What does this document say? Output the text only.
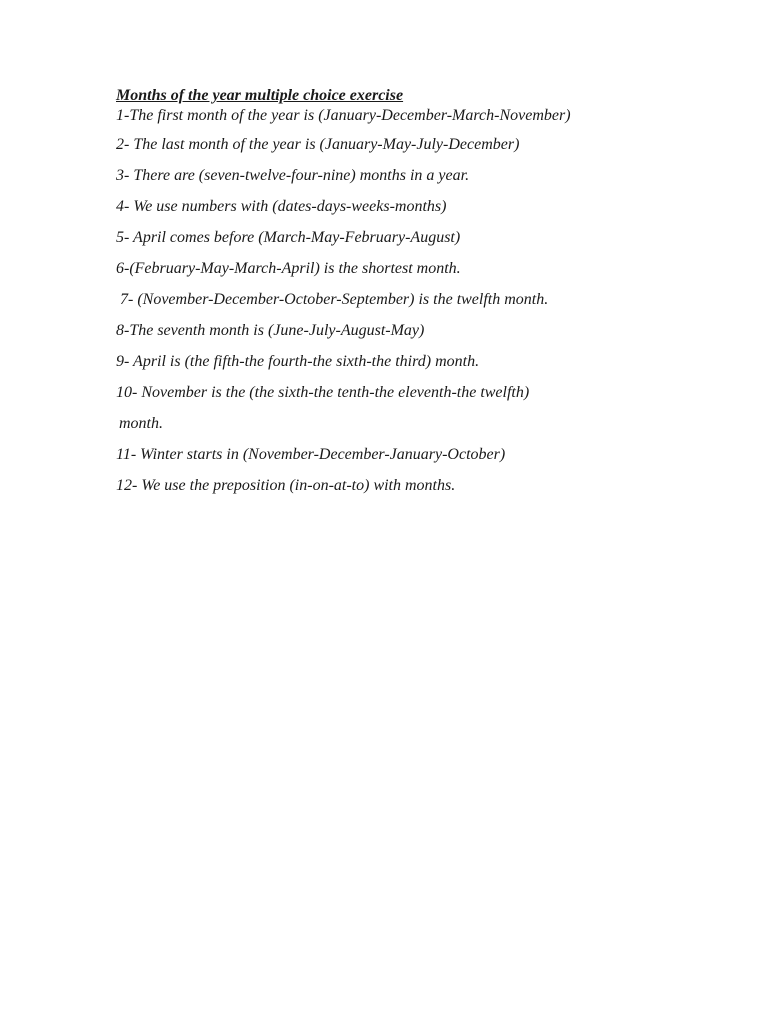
Months of the year multiple choice exercise
1-The first month of the year is (January-December-March-November)
2- The last month of the year is (January-May-July-December)
3- There are (seven-twelve-four-nine) months in a year.
4- We use numbers with (dates-days-weeks-months)
5- April comes before (March-May-February-August)
6-(February-May-March-April) is the shortest month.
7- (November-December-October-September) is the twelfth month.
8-The seventh month is (June-July-August-May)
9- April is (the fifth-the fourth-the sixth-the third) month.
10- November is the (the sixth-the tenth-the eleventh-the twelfth)
month.
11- Winter starts in (November-December-January-October)
12- We use the preposition (in-on-at-to) with months.
